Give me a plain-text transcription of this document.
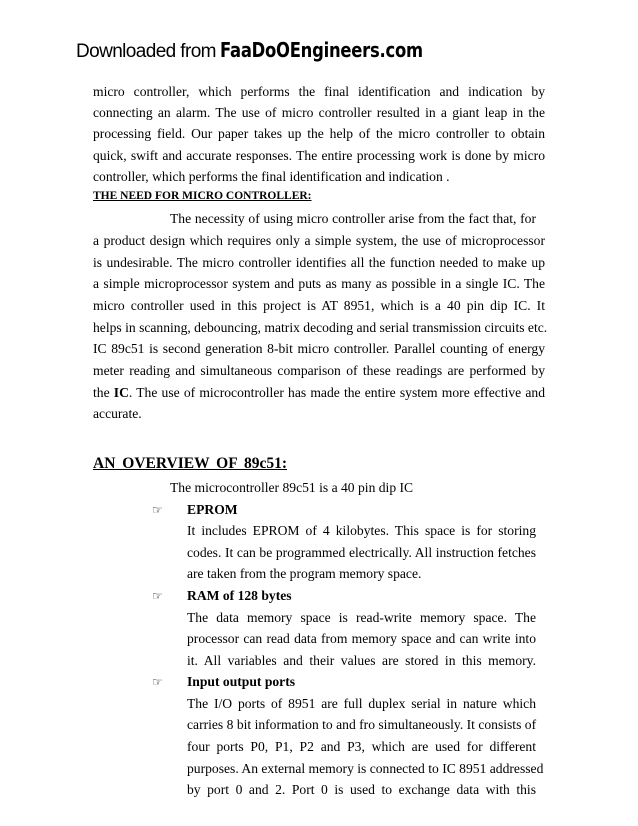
Downloaded from FaaDoOEngineers.com
micro controller, which performs the final identification and indication by
connecting an alarm. The use of micro controller resulted in a giant leap in the
processing field. Our paper takes up the help of the micro controller to obtain
quick, swift and accurate responses. The entire processing work is done by micro
controller, which performs the final identification and indication .
THE NEED FOR MICRO CONTROLLER:
The necessity of using micro controller arise from the fact that, for
a product design which requires only a simple system, the use of microprocessor
is undesirable. The micro controller identifies all the function needed to make up
a simple microprocessor system and puts as many as possible in a single IC. The
micro controller used in this project is AT 8951, which is a 40 pin dip IC. It
helps in scanning, debouncing, matrix decoding and serial transmission circuits etc.
IC 89c51 is second generation 8-bit micro controller. Parallel counting of energy
meter reading and simultaneous comparison of these readings are performed by
the IC. The use of microcontroller has made the entire system more effective and
accurate.
AN OVERVIEW OF 89c51:
The microcontroller 89c51 is a 40 pin dip IC
☞ EPROM
It includes EPROM of 4 kilobytes. This space is for storing
codes. It can be programmed electrically. All instruction fetches
are taken from the program memory space.
☞ RAM of 128 bytes
The data memory space is read-write memory space. The
processor can read data from memory space and can write into
it. All variables and their values are stored in this memory.
☞ Input output ports
The I/O ports of 8951 are full duplex serial in nature which
carries 8 bit information to and fro simultaneously. It consists of
four ports P0, P1, P2 and P3, which are used for different
purposes. An external memory is connected to IC 8951 addressed
by port 0 and 2. Port 0 is used to exchange data with this
